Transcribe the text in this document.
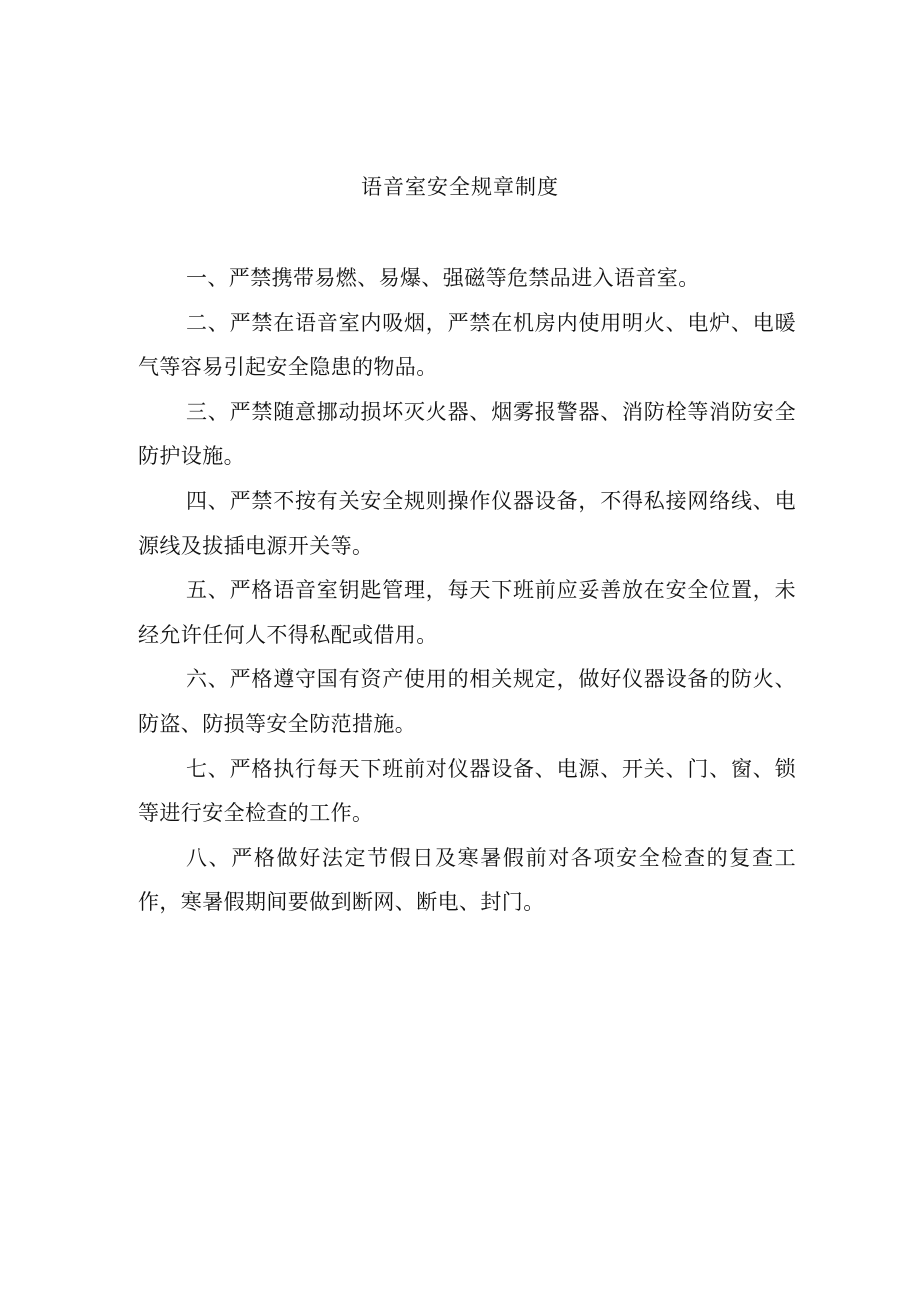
语音室安全规章制度

一、严禁携带易燃、易爆、强磁等危禁品进入语音室。

二、严禁在语音室内吸烟，严禁在机房内使用明火、电炉、电暖气等容易引起安全隐患的物品。

三、严禁随意挪动损坏灭火器、烟雾报警器、消防栓等消防安全防护设施。

四、严禁不按有关安全规则操作仪器设备，不得私接网络线、电源线及拔插电源开关等。

五、严格语音室钥匙管理，每天下班前应妥善放在安全位置，未经允许任何人不得私配或借用。

六、严格遵守国有资产使用的相关规定，做好仪器设备的防火、防盗、防损等安全防范措施。

七、严格执行每天下班前对仪器设备、电源、开关、门、窗、锁等进行安全检查的工作。

八、严格做好法定节假日及寒暑假前对各项安全检查的复查工作，寒暑假期间要做到断网、断电、封门。
